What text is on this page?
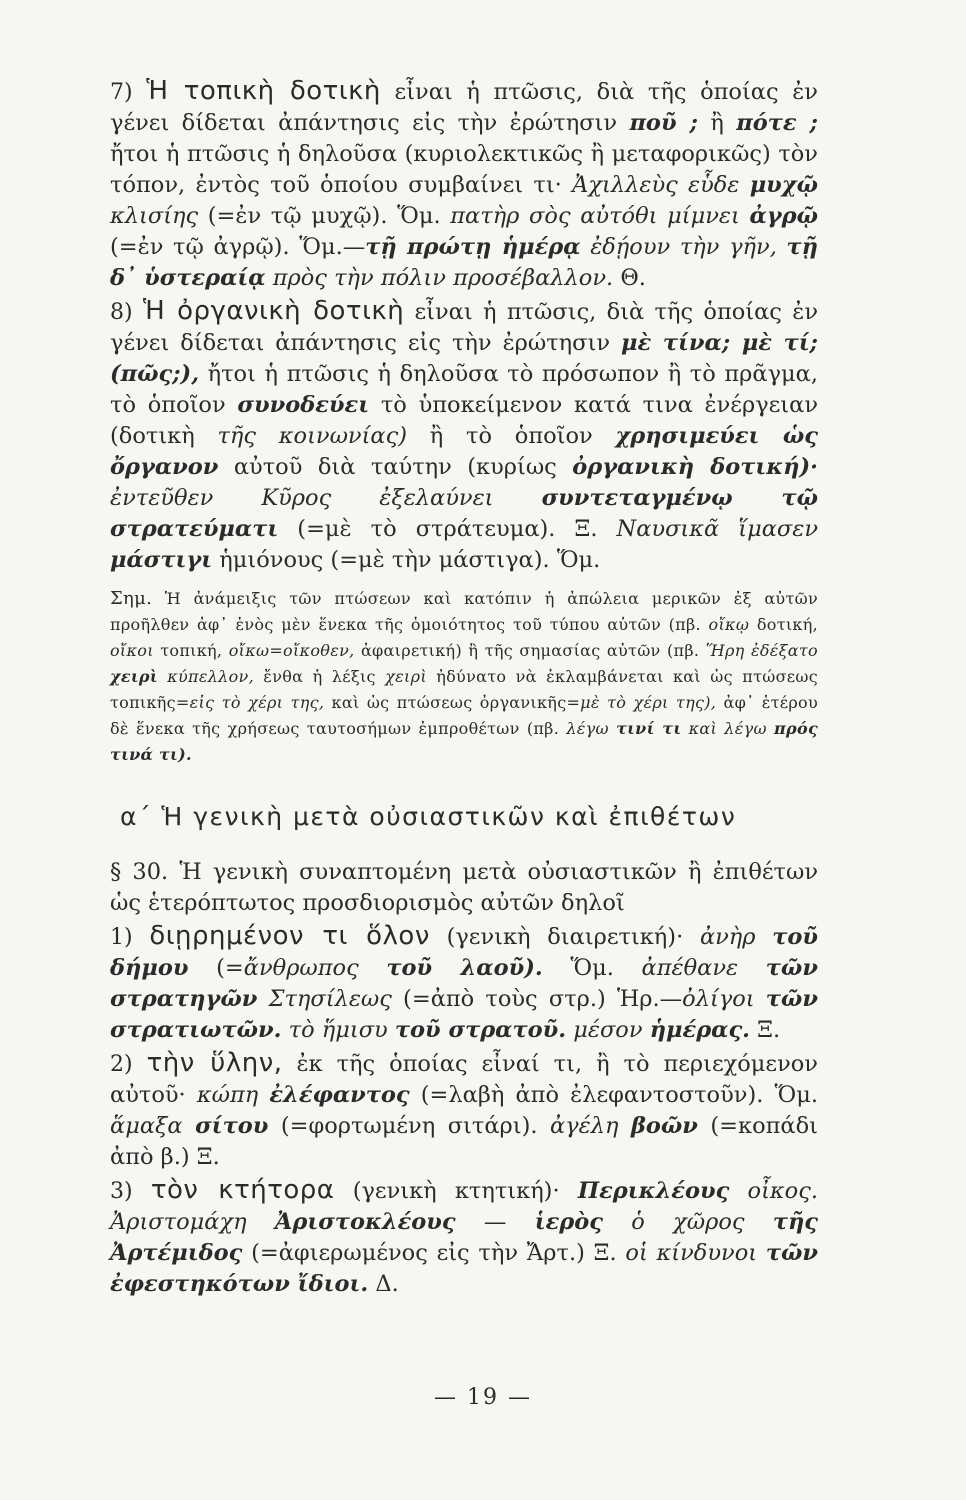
7) Ἡ τοπικὴ δοτικὴ εἶναι ἡ πτῶσις, διὰ τῆς ὁποίας ἐν γένει δίδεται ἀπάντησις εἰς τὴν ἐρώτησιν ποῦ ; ἢ πότε ; ἤτοι ἡ πτῶσις ἡ δηλοῦσα (κυριολεκτικῶς ἢ μεταφορικῶς) τὸν τόπον, ἐντὸς τοῦ ὁποίου συμβαίνει τι· Ἀχιλλεὺς εὗδε μυχῷ κλισίης (=ἐν τῷ μυχῷ). Ὅμ. πατὴρ σὸς αὐτόθι μίμνει ἀγρῷ (=ἐν τῷ ἀγρῷ). Ὅμ.—τῇ πρώτῃ ἡμέρᾳ ἐδῄουν τὴν γῆν, τῇ δ᾽ ὑστεραίᾳ πρὸς τὴν πόλιν προσέβαλλον. Θ.

8) Ἡ ὀργανικὴ δοτικὴ εἶναι ἡ πτῶσις, διὰ τῆς ὁποίας ἐν γένει δίδεται ἀπάντησις εἰς τὴν ἐρώτησιν μὲ τίνα; μὲ τί; (πῶς;), ἤτοι ἡ πτῶσις ἡ δηλοῦσα τὸ πρόσωπον ἢ τὸ πρᾶγμα, τὸ ὁποῖον συνοδεύει τὸ ὑποκείμενον κατά τινα ἐνέργειαν (δοτικὴ τῆς κοινωνίας) ἢ τὸ ὁποῖον χρησιμεύει ὡς ὄργανον αὐτοῦ διὰ ταύτην (κυρίως ὀργανικὴ δοτική)· ἐντεῦθεν Κῦρος ἐξελαύνει συντεταγμένῳ τῷ στρατεύματι (=μὲ τὸ στράτευμα). Ξ. Ναυσικᾶ ἵμασεν μάστιγι ἡμιόνους (=μὲ τὴν μάστιγα). Ὅμ.

Σημ. Ἡ ἀνάμειξις τῶν πτώσεων καὶ κατόπιν ἡ ἀπώλεια μερικῶν ἐξ αὐτῶν προῆλθεν ἀφ᾽ ἑνὸς μὲν ἕνεκα τῆς ὁμοιότητος τοῦ τύπου αὐτῶν (πβ. οἴκῳ δοτική, οἴκοι τοπική, οἴκω=οἴκοθεν, ἀφαιρετική) ἢ τῆς σημασίας αὐτῶν (πβ. Ἥρη ἐδέξατο χειρὶ κύπελλον, ἔνθα ἡ λέξις χειρὶ ἠδύνατο νὰ ἐκλαμβάνεται καὶ ὡς πτώσεως τοπικῆς=εἰς τὸ χέρι της, καὶ ὡς πτώσεως ὀργανικῆς=μὲ τὸ χέρι της), ἀφ᾽ ἑτέρου δὲ ἕνεκα τῆς χρήσεως ταυτοσήμων ἐμπροθέτων (πβ. λέγω τινί τι καὶ λέγω πρός τινά τι).

α´ Ἡ γενικὴ μετὰ οὐσιαστικῶν καὶ ἐπιθέτων

§ 30. Ἡ γενικὴ συναπτομένη μετὰ οὐσιαστικῶν ἢ ἐπιθέτων ὡς ἑτερόπτωτος προσδιορισμὸς αὐτῶν δηλοῖ

1) διῃρημένον τι ὅλον (γενικὴ διαιρετική)· ἀνὴρ τοῦ δήμου (=ἄνθρωπος τοῦ λαοῦ). Ὅμ. ἀπέθανε τῶν στρατηγῶν Στησίλεως (=ἀπὸ τοὺς στρ.) Ἡρ.—ὀλίγοι τῶν στρατιωτῶν. τὸ ἥμισυ τοῦ στρατοῦ. μέσον ἡμέρας. Ξ.

2) τὴν ὕλην, ἐκ τῆς ὁποίας εἶναί τι, ἢ τὸ περιεχόμενον αὐτοῦ· κώπη ἐλέφαντος (=λαβὴ ἀπὸ ἐλεφαντοστοῦν). Ὅμ. ἅμαξα σίτου (=φορτωμένη σιτάρι). ἀγέλη βοῶν (=κοπάδι ἀπὸ β.) Ξ.

3) τὸν κτήτορα (γενικὴ κτητική)· Περικλέους οἶκος. Ἀριστομάχη Ἀριστοκλέους — ἱερὸς ὁ χῶρος τῆς Ἀρτέμιδος (=ἀφιερωμένος εἰς τὴν Ἄρτ.) Ξ. οἱ κίνδυνοι τῶν ἐφεστηκότων ἴδιοι. Δ.

— 19 —
